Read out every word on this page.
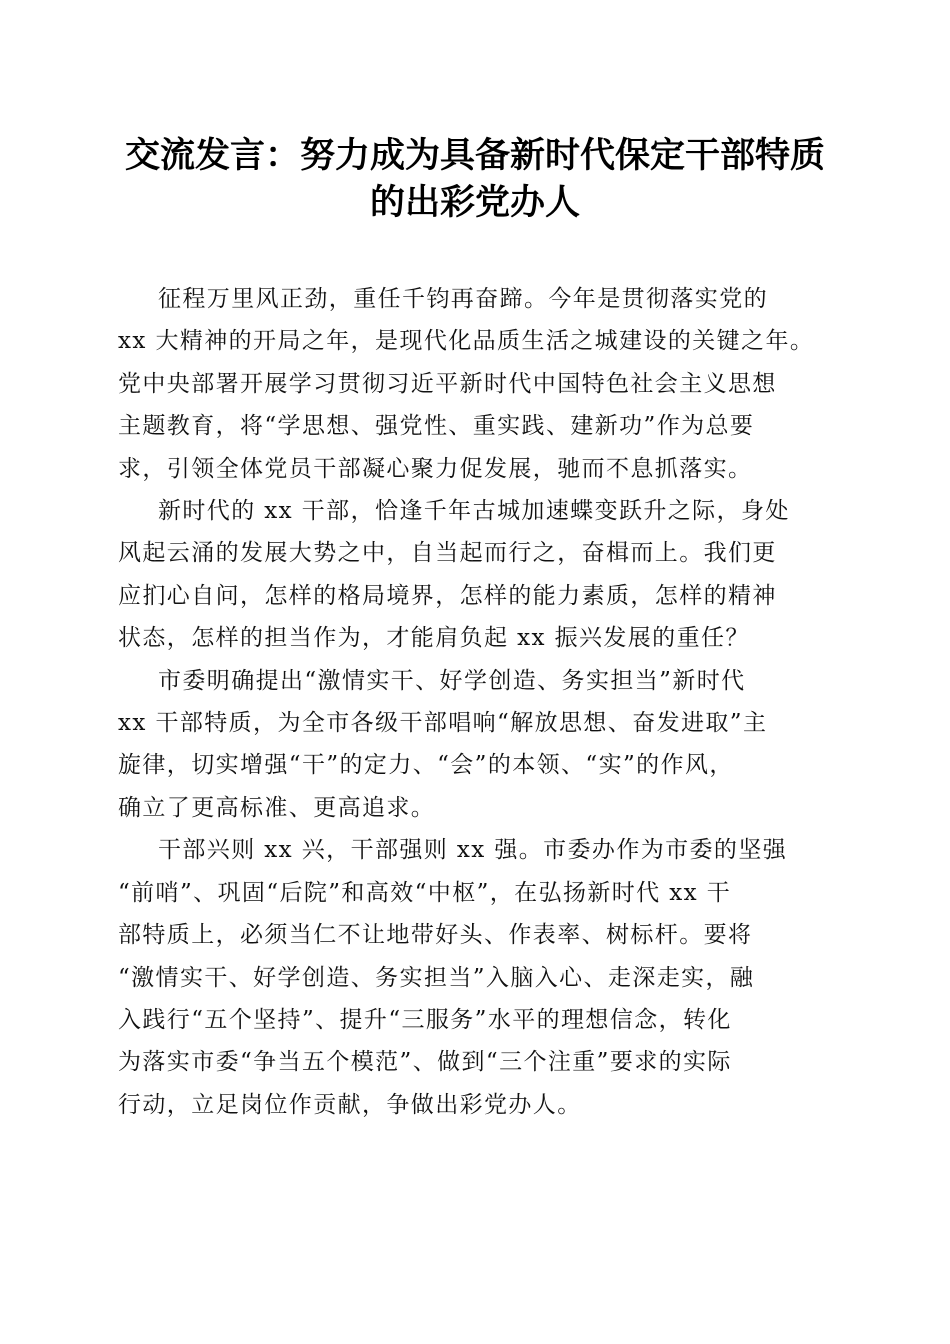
交流发言：努力成为具备新时代保定干部特质
的出彩党办人

征程万里风正劲，重任千钧再奋蹄。今年是贯彻落实党的
xx 大精神的开局之年，是现代化品质生活之城建设的关键之年。
党中央部署开展学习贯彻习近平新时代中国特色社会主义思想
主题教育，将“学思想、强党性、重实践、建新功”作为总要
求，引领全体党员干部凝心聚力促发展，驰而不息抓落实。

新时代的 xx 干部，恰逢千年古城加速蝶变跃升之际，身处
风起云涌的发展大势之中，自当起而行之，奋楫而上。我们更
应扪心自问，怎样的格局境界，怎样的能力素质，怎样的精神
状态，怎样的担当作为，才能肩负起 xx 振兴发展的重任？

市委明确提出“激情实干、好学创造、务实担当”新时代
xx 干部特质，为全市各级干部唱响“解放思想、奋发进取”主
旋律，切实增强“干”的定力、“会”的本领、“实”的作风，
确立了更高标准、更高追求。

干部兴则 xx 兴，干部强则 xx 强。市委办作为市委的坚强
“前哨”、巩固“后院”和高效“中枢”，在弘扬新时代 xx 干
部特质上，必须当仁不让地带好头、作表率、树标杆。要将
“激情实干、好学创造、务实担当”入脑入心、走深走实，融
入践行“五个坚持”、提升“三服务”水平的理想信念，转化
为落实市委“争当五个模范”、做到“三个注重”要求的实际
行动，立足岗位作贡献，争做出彩党办人。
